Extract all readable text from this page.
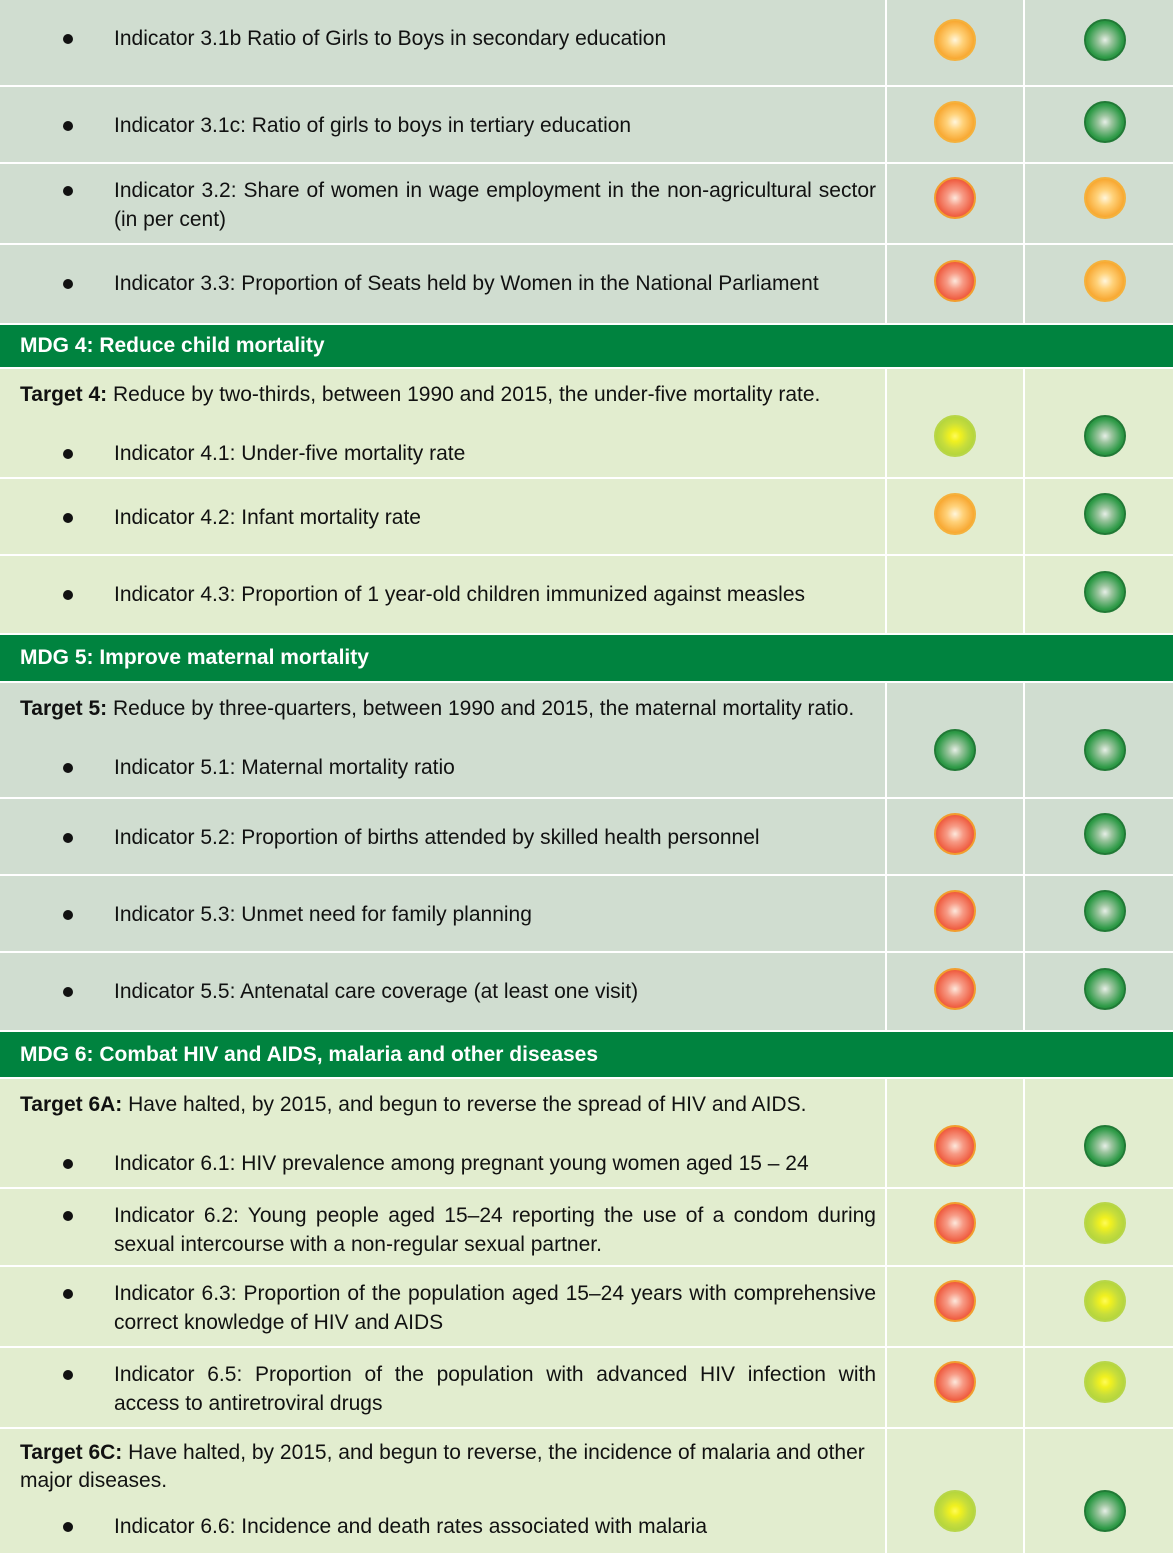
Indicator 3.1b Ratio of Girls to Boys in secondary education
Indicator 3.1c: Ratio of girls to boys in tertiary education
Indicator 3.2: Share of women in wage employment in the non-agricultural sector (in per cent)
Indicator 3.3: Proportion of Seats held by Women in the National Parliament
MDG 4: Reduce child mortality
Target 4: Reduce by two-thirds, between 1990 and 2015, the under-five mortality rate.
Indicator 4.1: Under-five mortality rate
Indicator 4.2: Infant mortality rate
Indicator 4.3: Proportion of 1 year-old children immunized against measles
MDG 5: Improve maternal mortality
Target 5: Reduce by three-quarters, between 1990 and 2015, the maternal mortality ratio.
Indicator 5.1: Maternal mortality ratio
Indicator 5.2: Proportion of births attended by skilled health personnel
Indicator 5.3: Unmet need for family planning
Indicator 5.5: Antenatal care coverage (at least one visit)
MDG 6: Combat HIV and AIDS, malaria and other diseases
Target 6A: Have halted, by 2015, and begun to reverse the spread of HIV and AIDS.
Indicator 6.1: HIV prevalence among pregnant young women aged 15 – 24
Indicator 6.2: Young people aged 15–24 reporting the use of a condom during sexual intercourse with a non-regular sexual partner.
Indicator 6.3: Proportion of the population aged 15–24 years with comprehensive correct knowledge of HIV and AIDS
Indicator 6.5: Proportion of the population with advanced HIV infection with access to antiretroviral drugs
Target 6C: Have halted, by 2015, and begun to reverse, the incidence of malaria and other major diseases.
Indicator 6.6: Incidence and death rates associated with malaria
